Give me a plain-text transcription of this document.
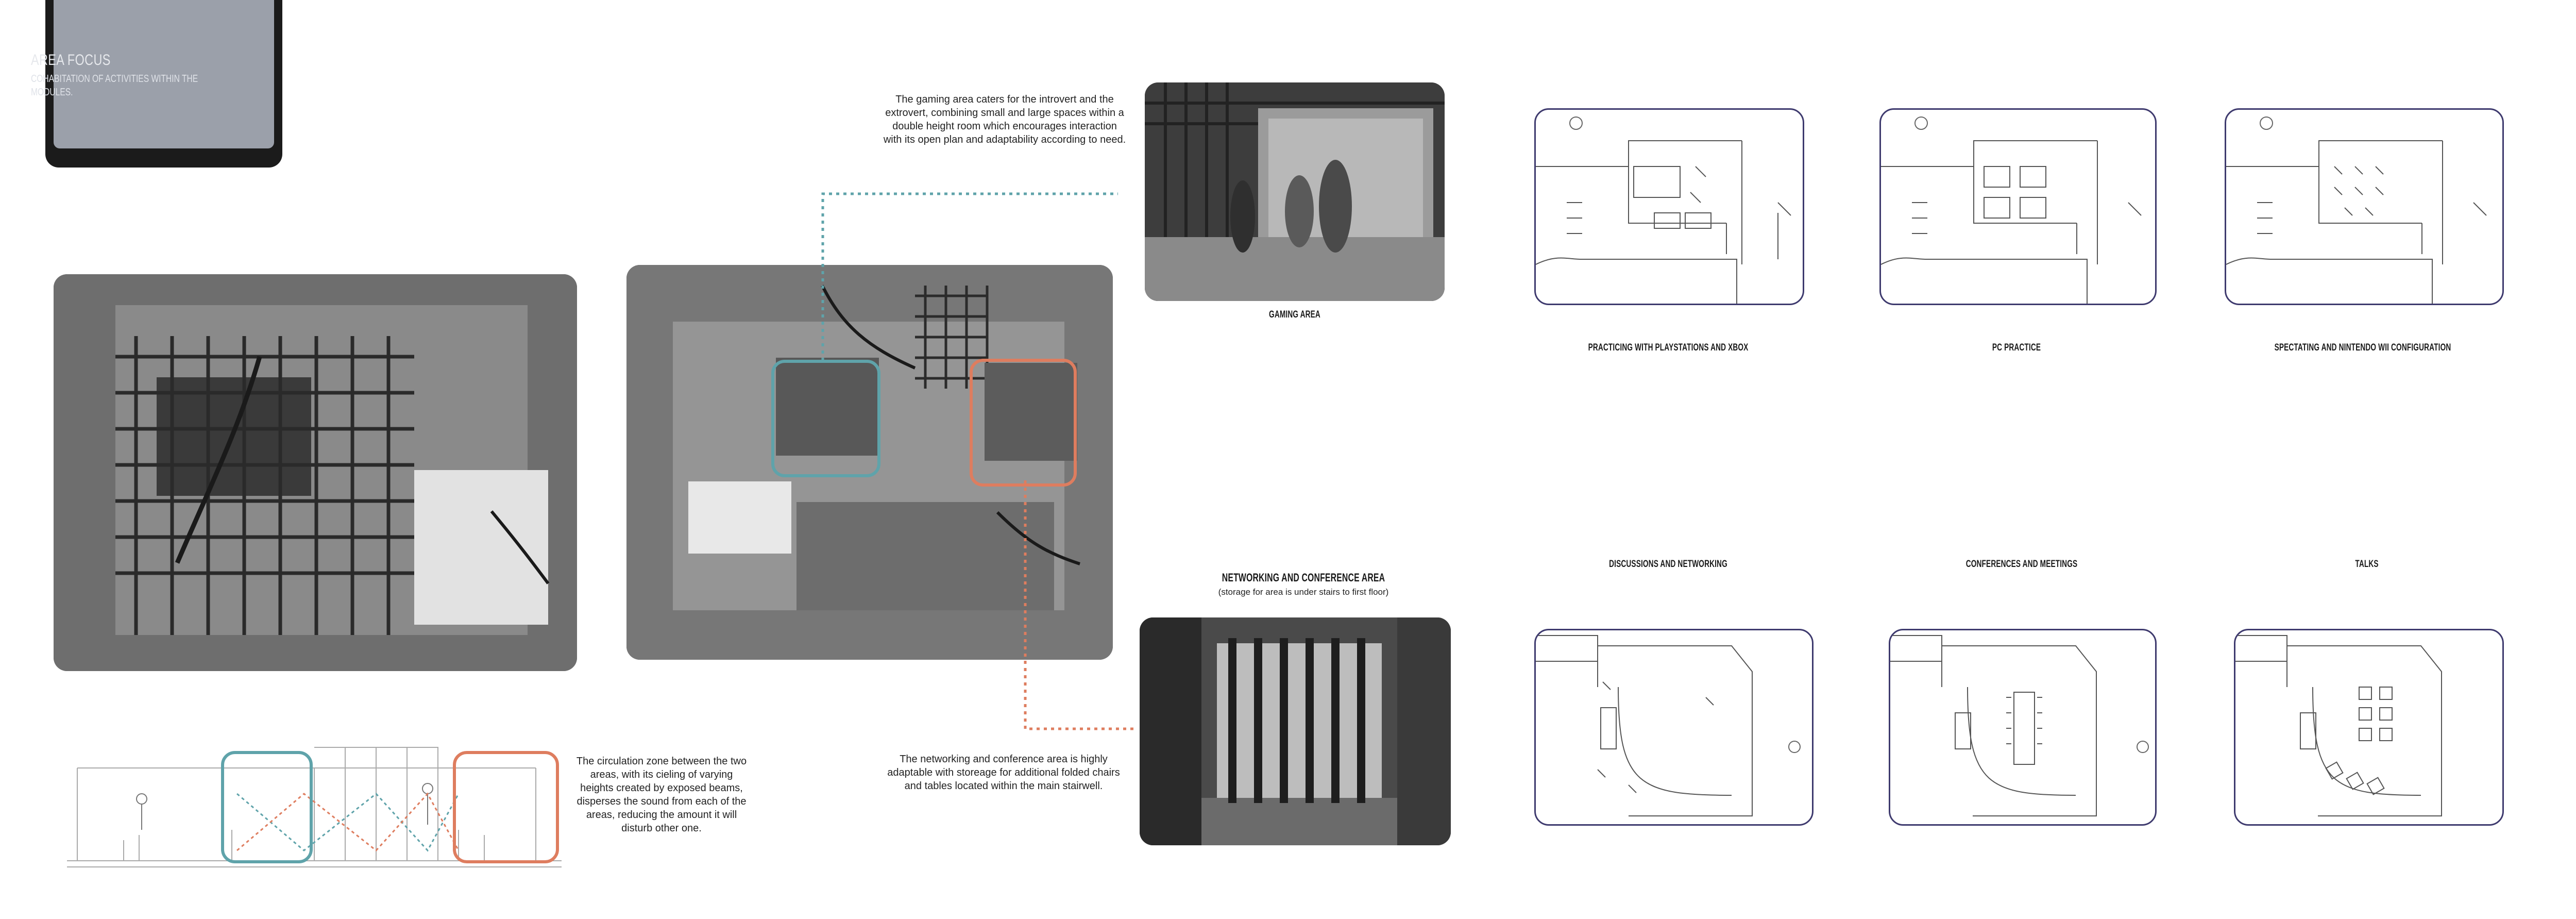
AREA FOCUS
COHABITATION OF ACTIVITIES WITHIN THE MODULES.
The gaming area caters for the introvert and the extrovert, combining small and large spaces within a double height room which encourages interaction with its open plan and adaptability according to need.
GAMING AREA
NETWORKING AND CONFERENCE AREA
(storage for area is under stairs to first floor)
The networking and conference area is highly adaptable with storeage for additional folded chairs and tables located within the main stairwell.
The circulation zone between the two areas, with its cieling of varying heights created by exposed beams, disperses the sound from each of the areas, reducing the amount it will disturb other one.
PRACTICING WITH PLAYSTATIONS AND XBOX	PC PRACTICE	SPECTATING AND NINTENDO WII CONFIGURATION
DISCUSSIONS AND NETWORKING	CONFERENCES AND MEETINGS	TALKS
